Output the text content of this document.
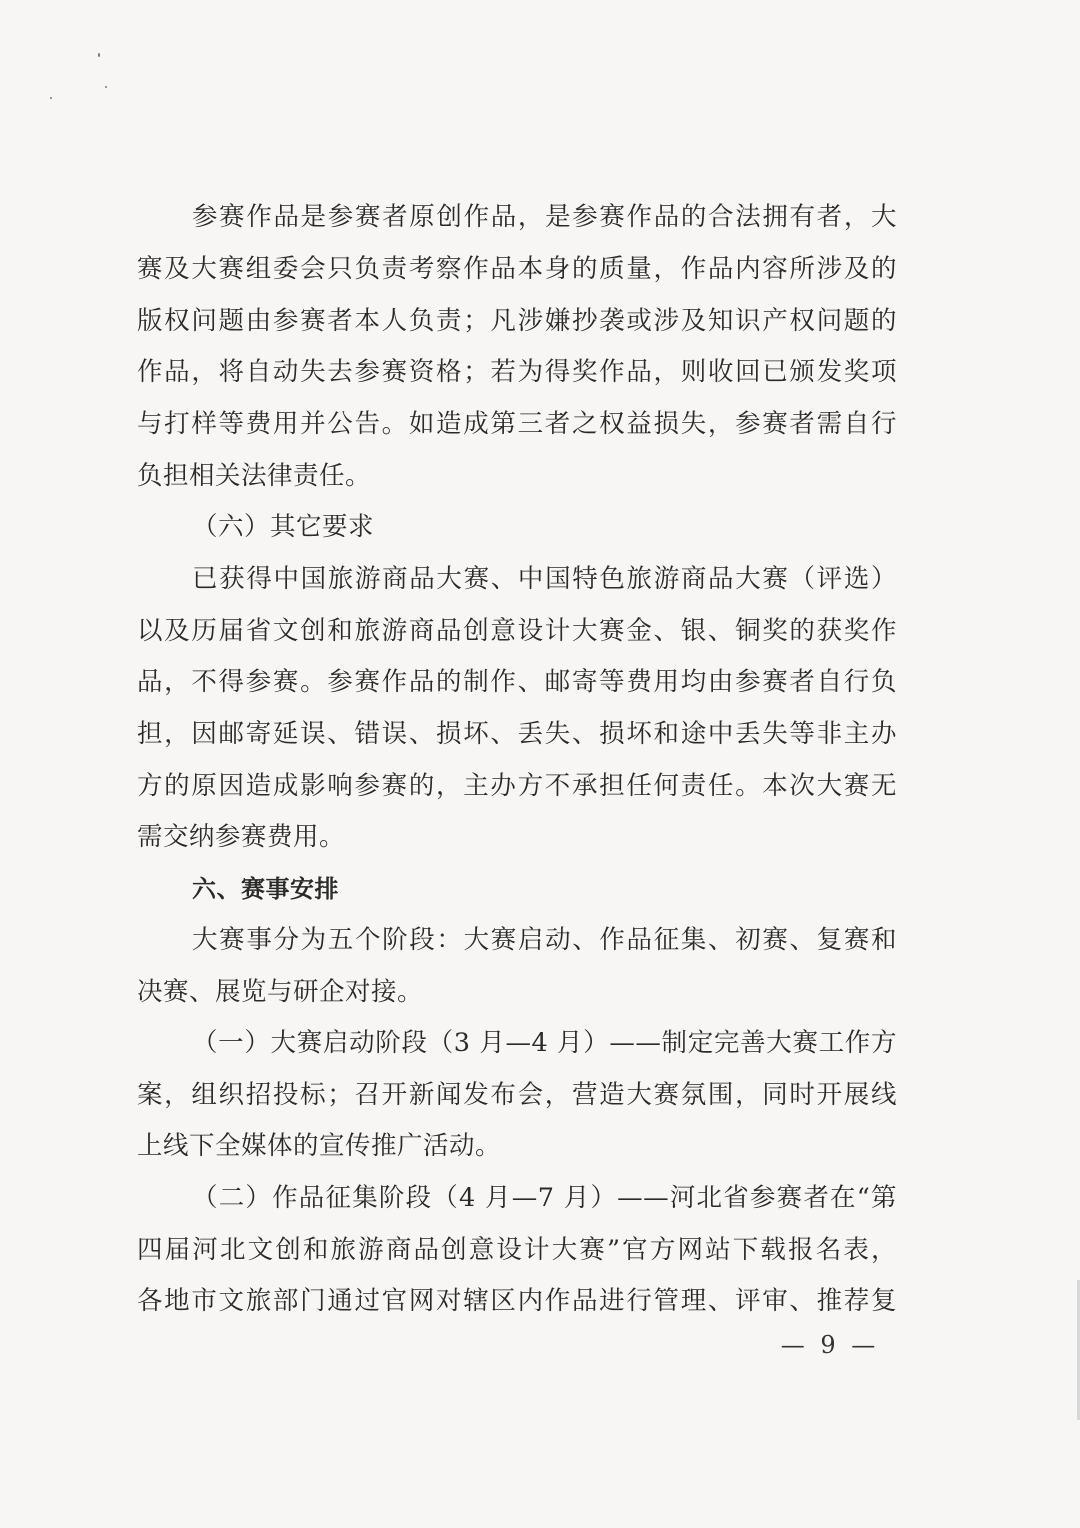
参赛作品是参赛者原创作品，是参赛作品的合法拥有者，大
赛及大赛组委会只负责考察作品本身的质量，作品内容所涉及的
版权问题由参赛者本人负责；凡涉嫌抄袭或涉及知识产权问题的
作品，将自动失去参赛资格；若为得奖作品，则收回已颁发奖项
与打样等费用并公告。如造成第三者之权益损失，参赛者需自行
负担相关法律责任。
（六）其它要求
已获得中国旅游商品大赛、中国特色旅游商品大赛（评选）
以及历届省文创和旅游商品创意设计大赛金、银、铜奖的获奖作
品，不得参赛。参赛作品的制作、邮寄等费用均由参赛者自行负
担，因邮寄延误、错误、损坏、丢失、损坏和途中丢失等非主办
方的原因造成影响参赛的，主办方不承担任何责任。本次大赛无
需交纳参赛费用。
六、赛事安排
大赛事分为五个阶段：大赛启动、作品征集、初赛、复赛和
决赛、展览与研企对接。
（一）大赛启动阶段（3 月—4 月）——制定完善大赛工作方
案，组织招投标；召开新闻发布会，营造大赛氛围，同时开展线
上线下全媒体的宣传推广活动。
（二）作品征集阶段（4 月—7 月）——河北省参赛者在“第
四届河北文创和旅游商品创意设计大赛”官方网站下载报名表，
各地市文旅部门通过官网对辖区内作品进行管理、评审、推荐复
— 9 —
